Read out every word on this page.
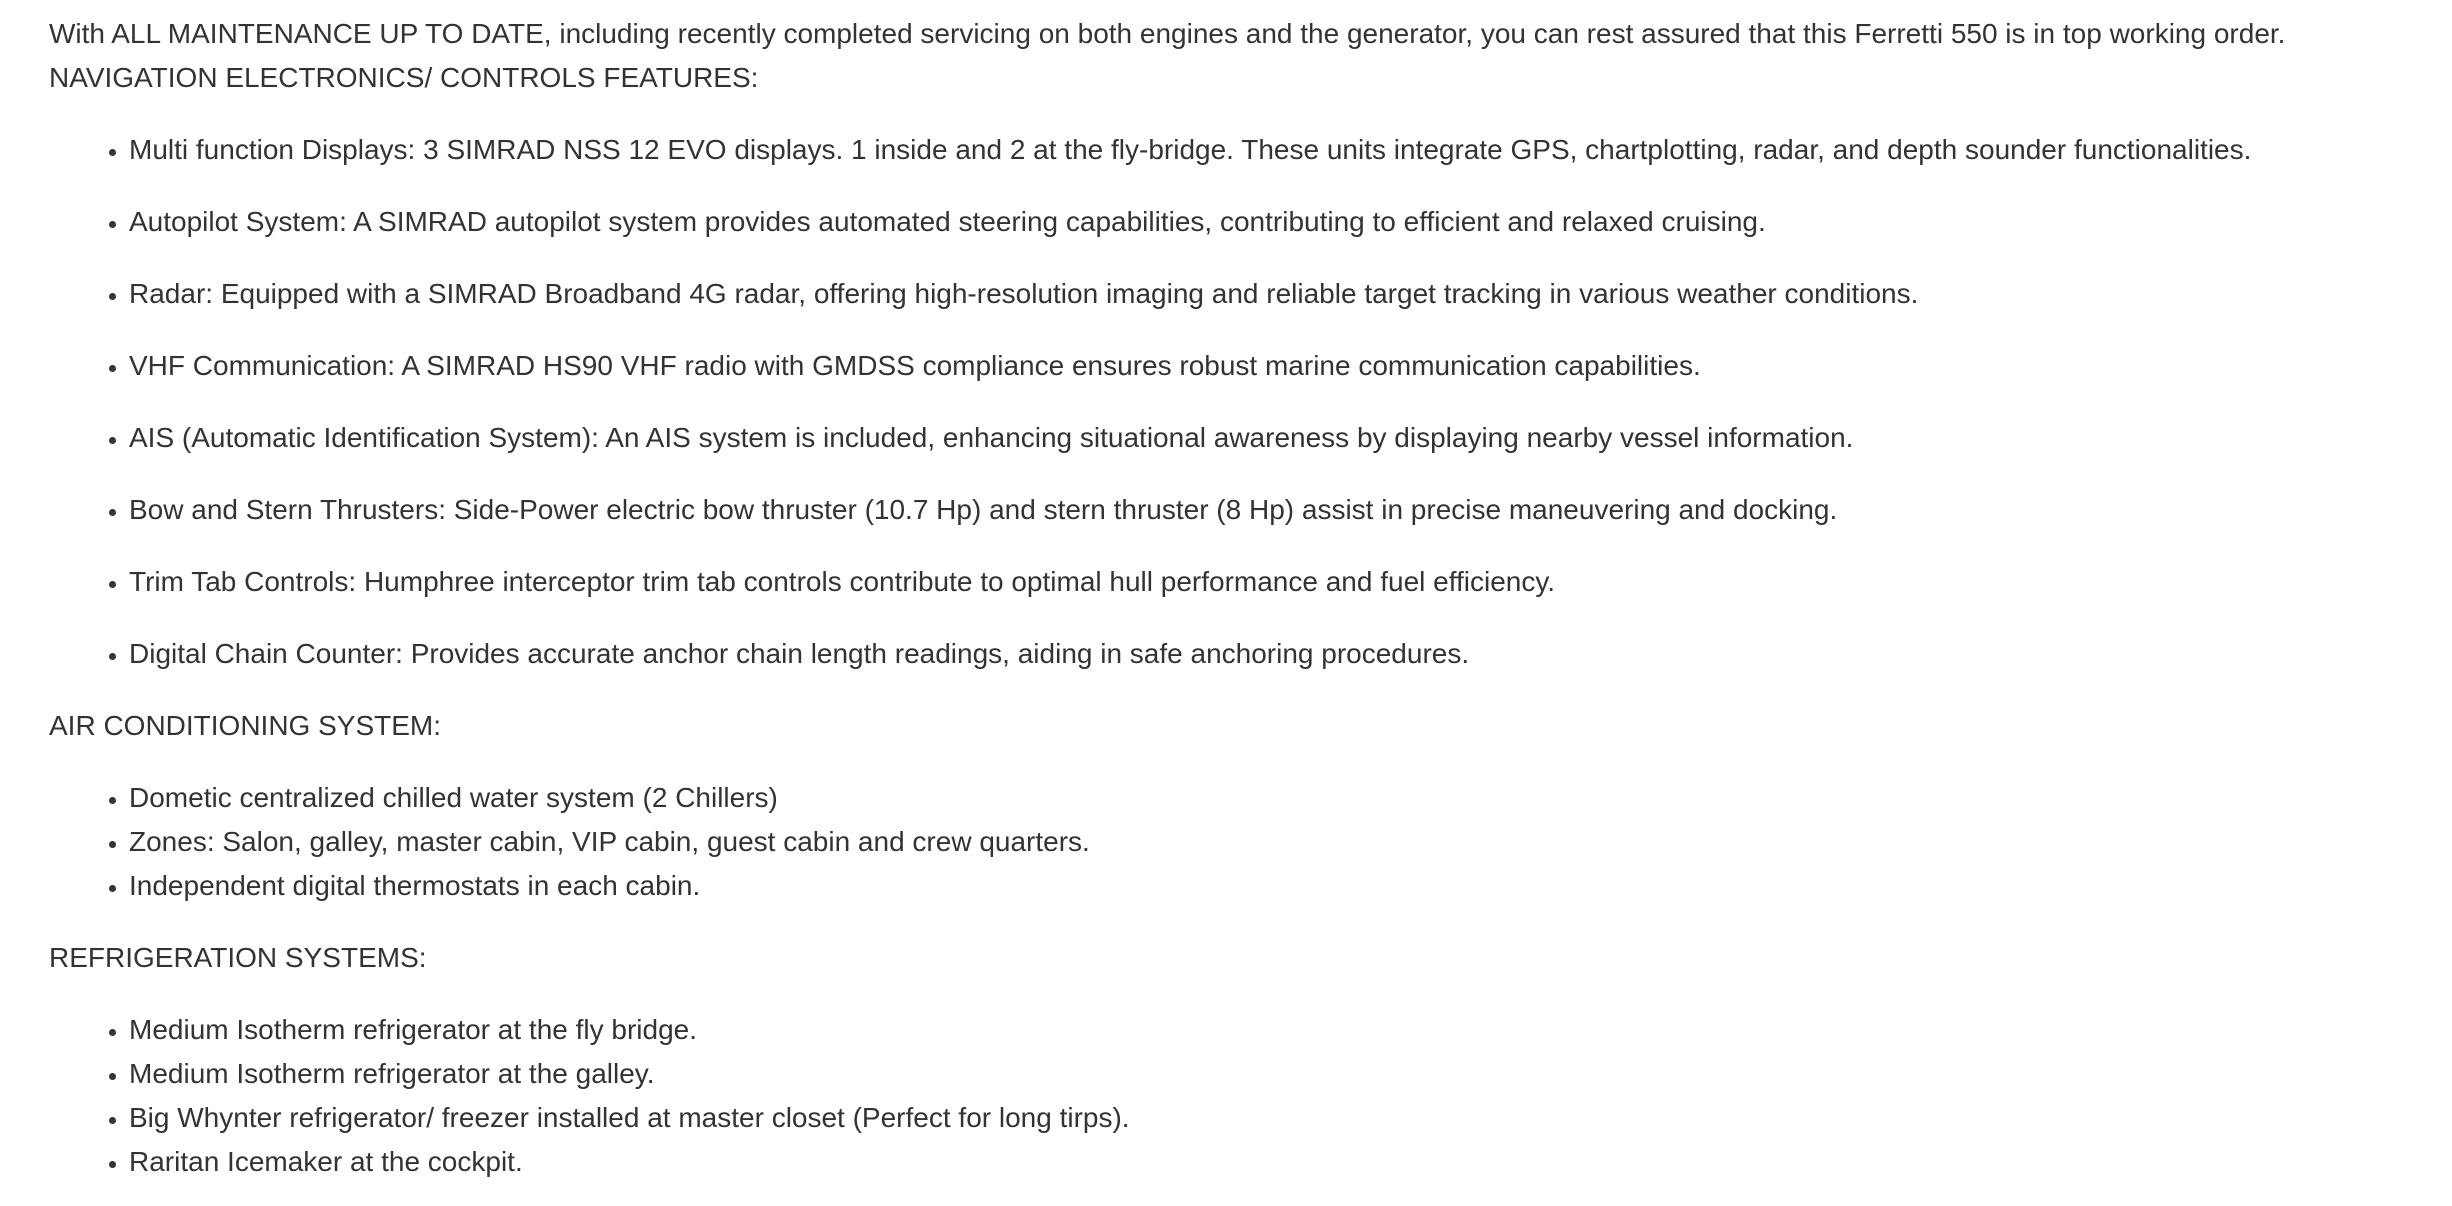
With ALL MAINTENANCE UP TO DATE, including recently completed servicing on both engines and the generator, you can rest assured that this Ferretti 550 is in top working order.

NAVIGATION ELECTRONICS/ CONTROLS FEATURES:

• Multi function Displays: 3 SIMRAD NSS 12 EVO displays. 1 inside and 2 at the fly-bridge. These units integrate GPS, chartplotting, radar, and depth sounder functionalities.
• Autopilot System: A SIMRAD autopilot system provides automated steering capabilities, contributing to efficient and relaxed cruising.
• Radar: Equipped with a SIMRAD Broadband 4G radar, offering high-resolution imaging and reliable target tracking in various weather conditions.
• VHF Communication: A SIMRAD HS90 VHF radio with GMDSS compliance ensures robust marine communication capabilities.
• AIS (Automatic Identification System): An AIS system is included, enhancing situational awareness by displaying nearby vessel information.
• Bow and Stern Thrusters: Side-Power electric bow thruster (10.7 Hp) and stern thruster (8 Hp) assist in precise maneuvering and docking.
• Trim Tab Controls: Humphree interceptor trim tab controls contribute to optimal hull performance and fuel efficiency.
• Digital Chain Counter: Provides accurate anchor chain length readings, aiding in safe anchoring procedures.

AIR CONDITIONING SYSTEM:

• Dometic centralized chilled water system (2 Chillers)
• Zones: Salon, galley, master cabin, VIP cabin, guest cabin and crew quarters.
• Independent digital thermostats in each cabin.

REFRIGERATION SYSTEMS:

• Medium Isotherm refrigerator at the fly bridge.
• Medium Isotherm refrigerator at the galley.
• Big Whynter refrigerator/ freezer installed at master closet (Perfect for long tirps).
• Raritan Icemaker at the cockpit.
